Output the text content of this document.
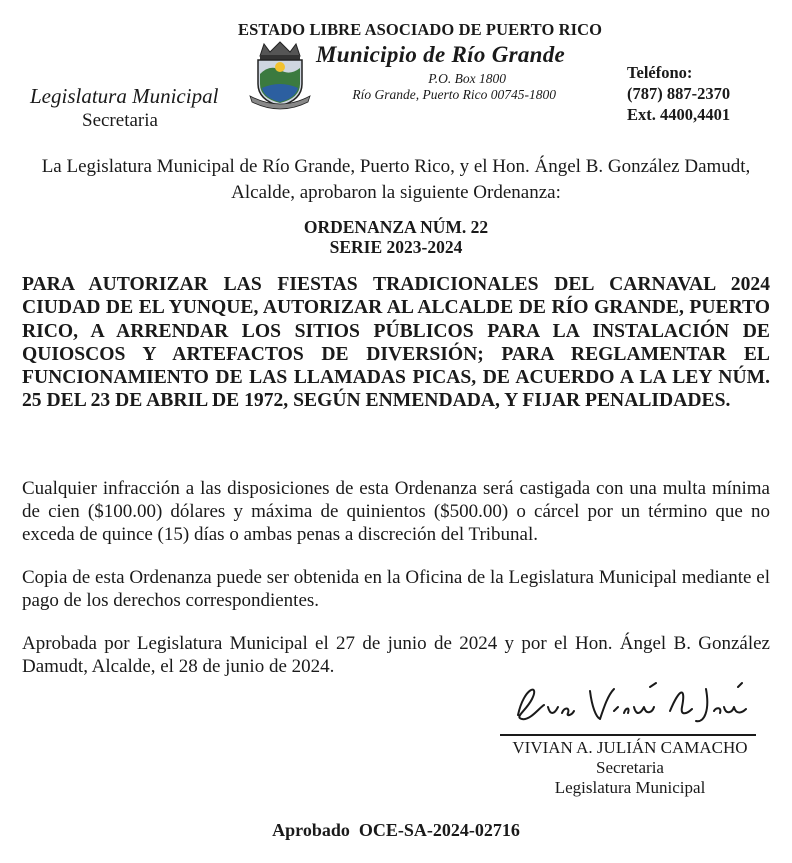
ESTADO LIBRE ASOCIADO DE PUERTO RICO
Municipio de Río Grande
P.O. Box 1800
Río Grande, Puerto Rico 00745-1800
Legislatura Municipal
Secretaria
Teléfono:
(787) 887-2370
Ext. 4400,4401
La Legislatura Municipal de Río Grande, Puerto Rico, y el Hon. Ángel B. González Damudt, Alcalde, aprobaron la siguiente Ordenanza:
ORDENANZA NÚM. 22
SERIE 2023-2024
PARA AUTORIZAR LAS FIESTAS TRADICIONALES DEL CARNAVAL 2024 CIUDAD DE EL YUNQUE, AUTORIZAR AL ALCALDE DE RÍO GRANDE, PUERTO RICO, A ARRENDAR LOS SITIOS PÚBLICOS PARA LA INSTALACIÓN DE QUIOSCOS Y ARTEFACTOS DE DIVERSIÓN; PARA REGLAMENTAR EL FUNCIONAMIENTO DE LAS LLAMADAS PICAS, DE ACUERDO A LA LEY NÚM. 25 DEL 23 DE ABRIL DE 1972, SEGÚN ENMENDADA, Y FIJAR PENALIDADES.
Cualquier infracción a las disposiciones de esta Ordenanza será castigada con una multa mínima de cien ($100.00) dólares y máxima de quinientos ($500.00) o cárcel por un término que no exceda de quince (15) días o ambas penas a discreción del Tribunal.
Copia de esta Ordenanza puede ser obtenida en la Oficina de la Legislatura Municipal mediante el pago de los derechos correspondientes.
Aprobada por Legislatura Municipal el 27 de junio de 2024 y por el Hon. Ángel B. González Damudt, Alcalde, el 28 de junio de 2024.
VIVIAN A. JULIÁN CAMACHO
Secretaria
Legislatura Municipal
Aprobado  OCE-SA-2024-02716
